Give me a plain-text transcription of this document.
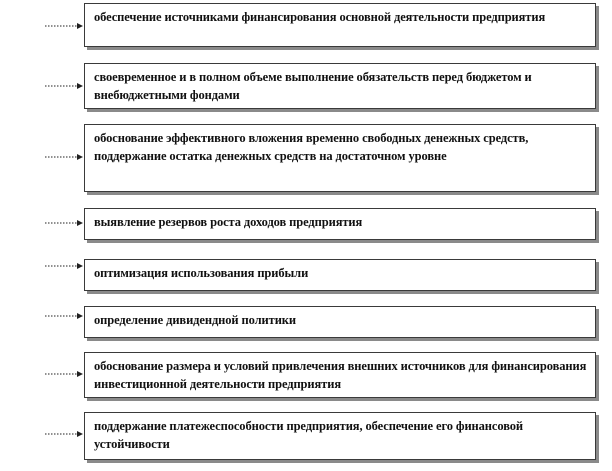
обеспечение источниками финансирования основной деятельности предприятия
своевременное и в полном объеме выполнение обязательств перед бюджетом и внебюджетными фондами
обоснование эффективного вложения временно свободных денежных средств, поддержание остатка денежных средств на достаточном уровне
выявление резервов роста доходов предприятия
оптимизация использования прибыли
определение дивидендной политики
обоснование размера и условий привлечения внешних источников для финансирования инвестиционной деятельности предприятия
поддержание платежеспособности предприятия, обеспечение его финансовой устойчивости
